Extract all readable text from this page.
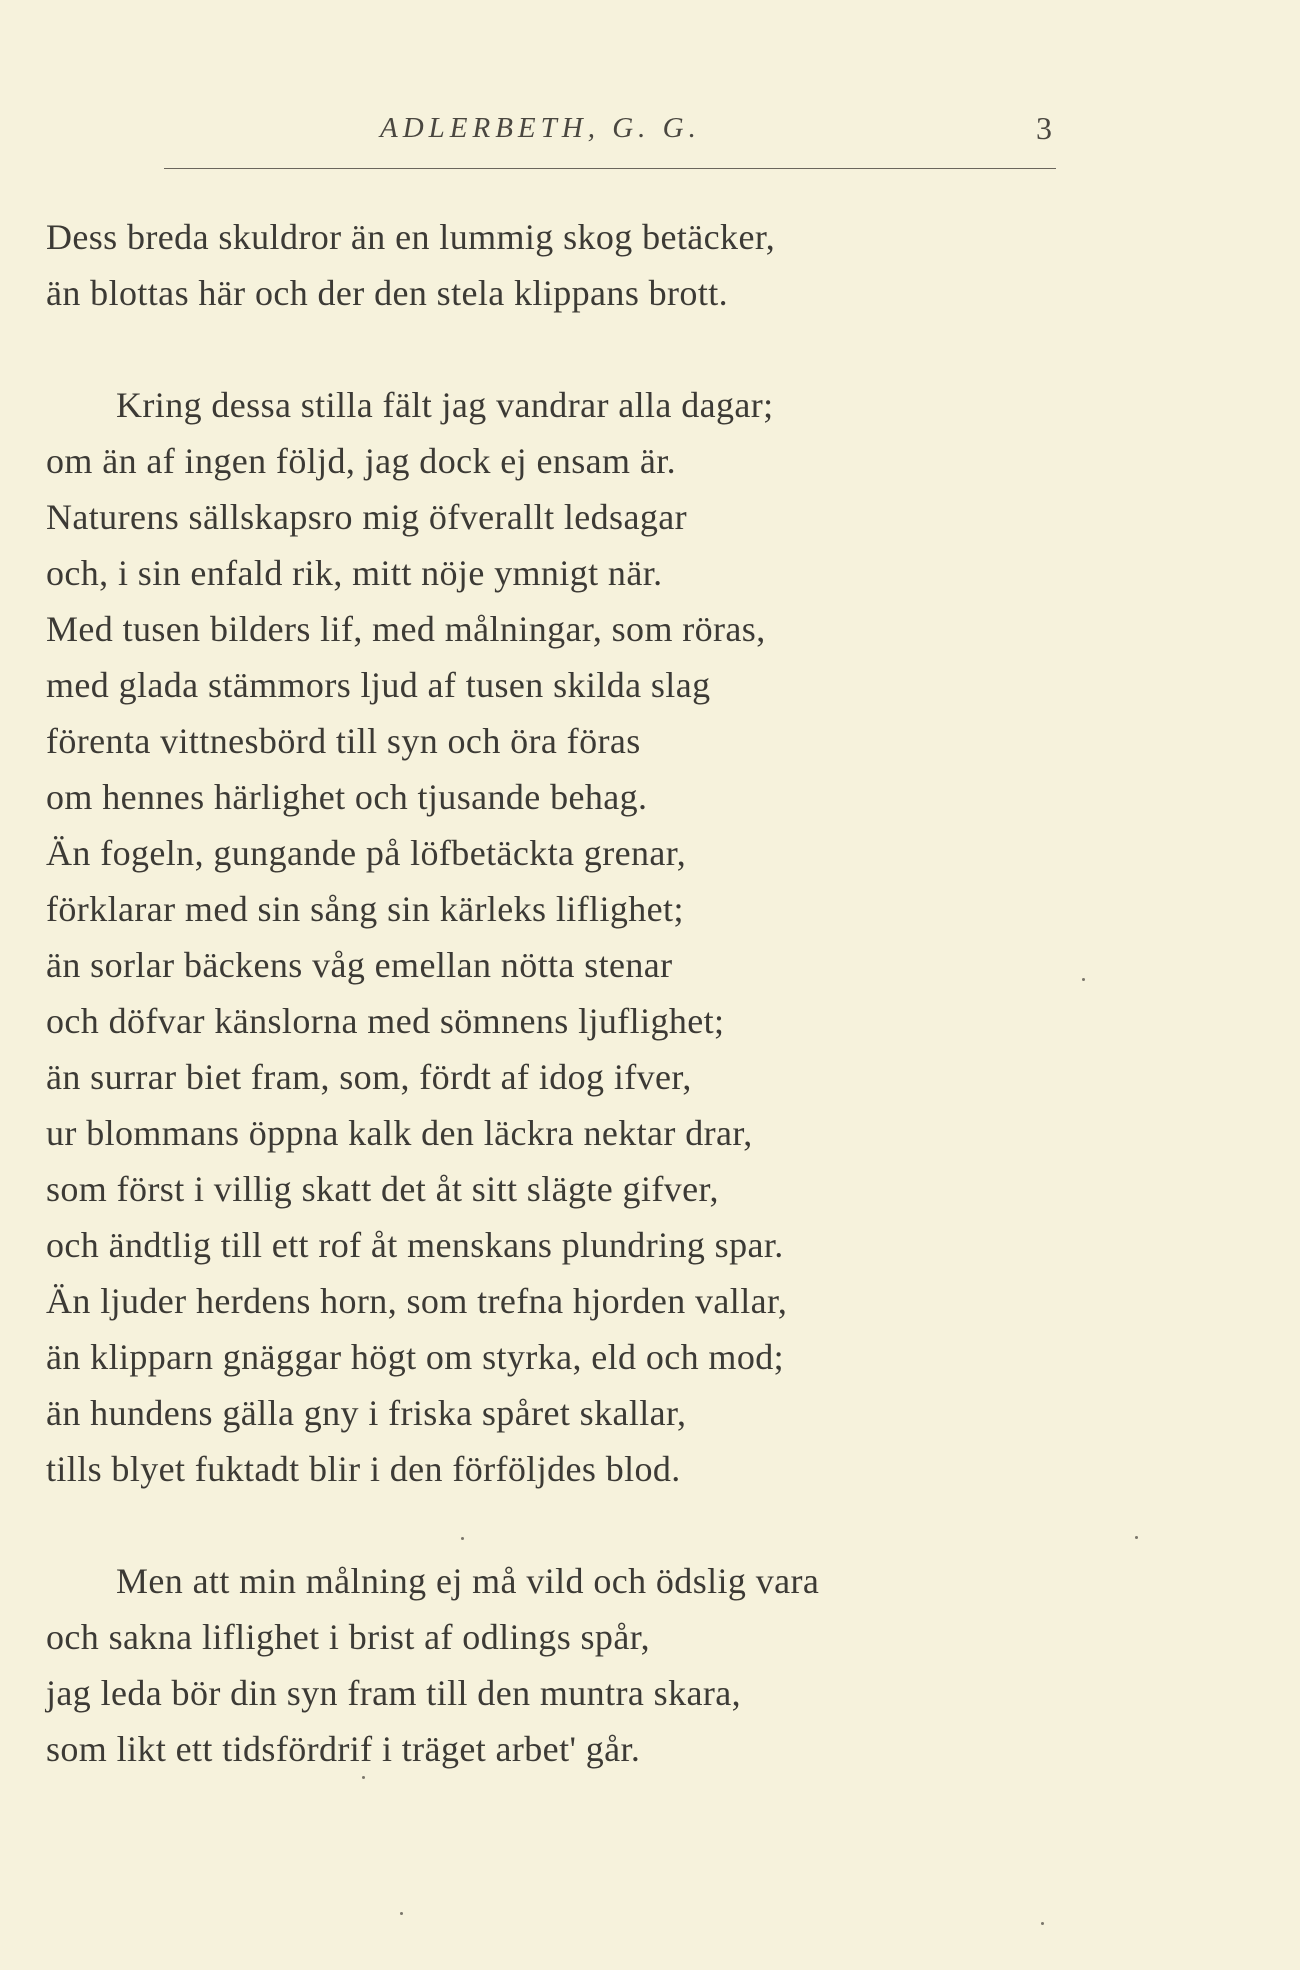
ADLERBETH, G. G.	3
Dess breda skuldror än en lummig skog betäcker,
än blottas här och der den stela klippans brott.
Kring dessa stilla fält jag vandrar alla dagar;
om än af ingen följd, jag dock ej ensam är.
Naturens sällskapsro mig öfverallt ledsagar
och, i sin enfald rik, mitt nöje ymnigt när.
Med tusen bilders lif, med målningar, som röras,
med glada stämmors ljud af tusen skilda slag
förenta vittnesbörd till syn och öra föras
om hennes härlighet och tjusande behag.
Än fogeln, gungande på löfbetäckta grenar,
förklarar med sin sång sin kärleks liflighet;
än sorlar bäckens våg emellan nötta stenar
och döfvar känslorna med sömnens ljuflighet;
än surrar biet fram, som, fördt af idog ifver,
ur blommans öppna kalk den läckra nektar drar,
som först i villig skatt det åt sitt slägte gifver,
och ändtlig till ett rof åt menskans plundring spar.
Än ljuder herdens horn, som trefna hjorden vallar,
än klipparn gnäggar högt om styrka, eld och mod;
än hundens gälla gny i friska spåret skallar,
tills blyet fuktadt blir i den förföljdes blod.
Men att min målning ej må vild och ödslig vara
och sakna liflighet i brist af odlings spår,
jag leda bör din syn fram till den muntra skara,
som likt ett tidsfördrif i träget arbet' går.
